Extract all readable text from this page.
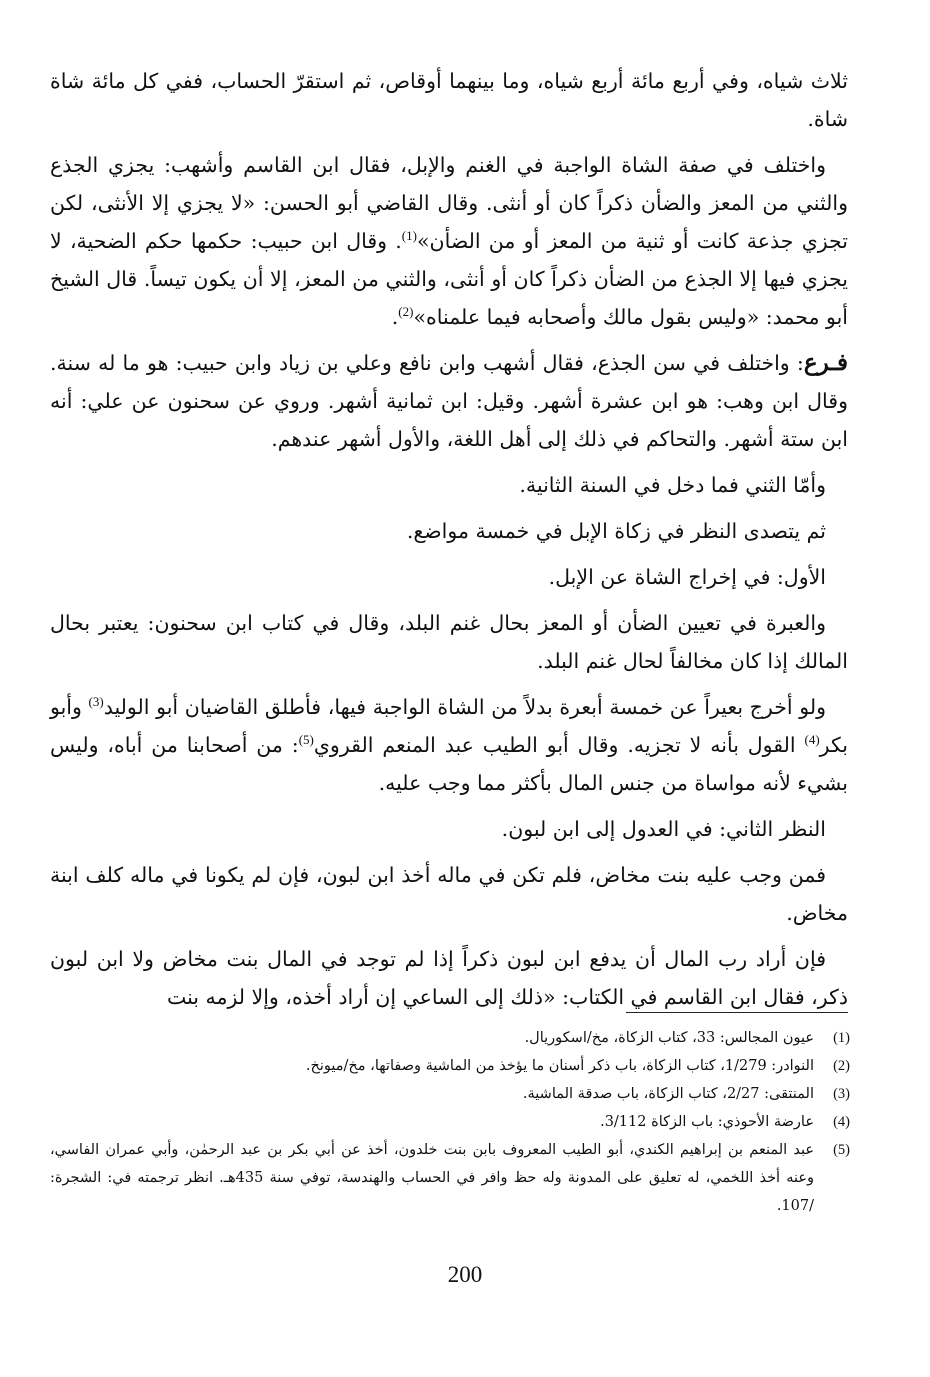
ثلاث شياه، وفي أربع مائة أربع شياه، وما بينهما أوقاص، ثم استقرّ الحساب، ففي كل مائة شاة شاة.

واختلف في صفة الشاة الواجبة في الغنم والإبل، فقال ابن القاسم وأشهب: يجزي الجذع والثني من المعز والضأن ذكراً كان أو أنثى. وقال القاضي أبو الحسن: «لا يجزي إلا الأنثى، لكن تجزي جذعة كانت أو ثنية من المعز أو من الضأن»$^{(1)}$. وقال ابن حبيب: حكمها حكم الضحية، لا يجزي فيها إلا الجذع من الضأن ذكراً كان أو أنثى، والثني من المعز، إلا أن يكون تيساً. قال الشيخ أبو محمد: «وليس بقول مالك وأصحابه فيما علمناه»$^{(2)}$.

فـرع: واختلف في سن الجذع، فقال أشهب وابن نافع وعلي بن زياد وابن حبيب: هو ما له سنة. وقال ابن وهب: هو ابن عشرة أشهر. وقيل: ابن ثمانية أشهر. وروي عن سحنون عن علي: أنه ابن ستة أشهر. والتحاكم في ذلك إلى أهل اللغة، والأول أشهر عندهم.

وأمّا الثني فما دخل في السنة الثانية.

ثم يتصدى النظر في زكاة الإبل في خمسة مواضع.

الأول: في إخراج الشاة عن الإبل.

والعبرة في تعيين الضأن أو المعز بحال غنم البلد، وقال في كتاب ابن سحنون: يعتبر بحال المالك إذا كان مخالفاً لحال غنم البلد.

ولو أخرج بعيراً عن خمسة أبعرة بدلاً من الشاة الواجبة فيها، فأطلق القاضيان أبو الوليد$^{(3)}$ وأبو بكر$^{(4)}$ القول بأنه لا تجزيه. وقال أبو الطيب عبد المنعم القروي$^{(5)}$: من أصحابنا من أباه، وليس بشيء لأنه مواساة من جنس المال بأكثر مما وجب عليه.

النظر الثاني: في العدول إلى ابن لبون.

فمن وجب عليه بنت مخاض، فلم تكن في ماله أخذ ابن لبون، فإن لم يكونا في ماله كلف ابنة مخاض.

فإن أراد رب المال أن يدفع ابن لبون ذكراً إذا لم توجد في المال بنت مخاض ولا ابن لبون ذكر، فقال ابن القاسم في الكتاب: «ذلك إلى الساعي إن أراد أخذه، وإلا لزمه بنت

(1)
عيون المجالس: 33، كتاب الزكاة، مخ/اسكوريال.
(2)
النوادر: 1/279، كتاب الزكاة، باب ذكر أسنان ما يؤخذ من الماشية وصفاتها، مخ/ميونخ.
(3)
المنتقى: 2/27، كتاب الزكاة، باب صدقة الماشية.
(4)
عارضة الأحوذي: باب الزكاة 3/112.
(5)
عبد المنعم بن إبراهيم الكندي، أبو الطيب المعروف بابن بنت خلدون، أخذ عن أبي بكر بن عبد الرحمٰن، وأبي عمران الفاسي، وعنه أخذ اللخمي، له تعليق على المدونة وله حظ وافر في الحساب والهندسة، توفي سنة 435هـ. انظر ترجمته في: الشجرة: /107.
200
